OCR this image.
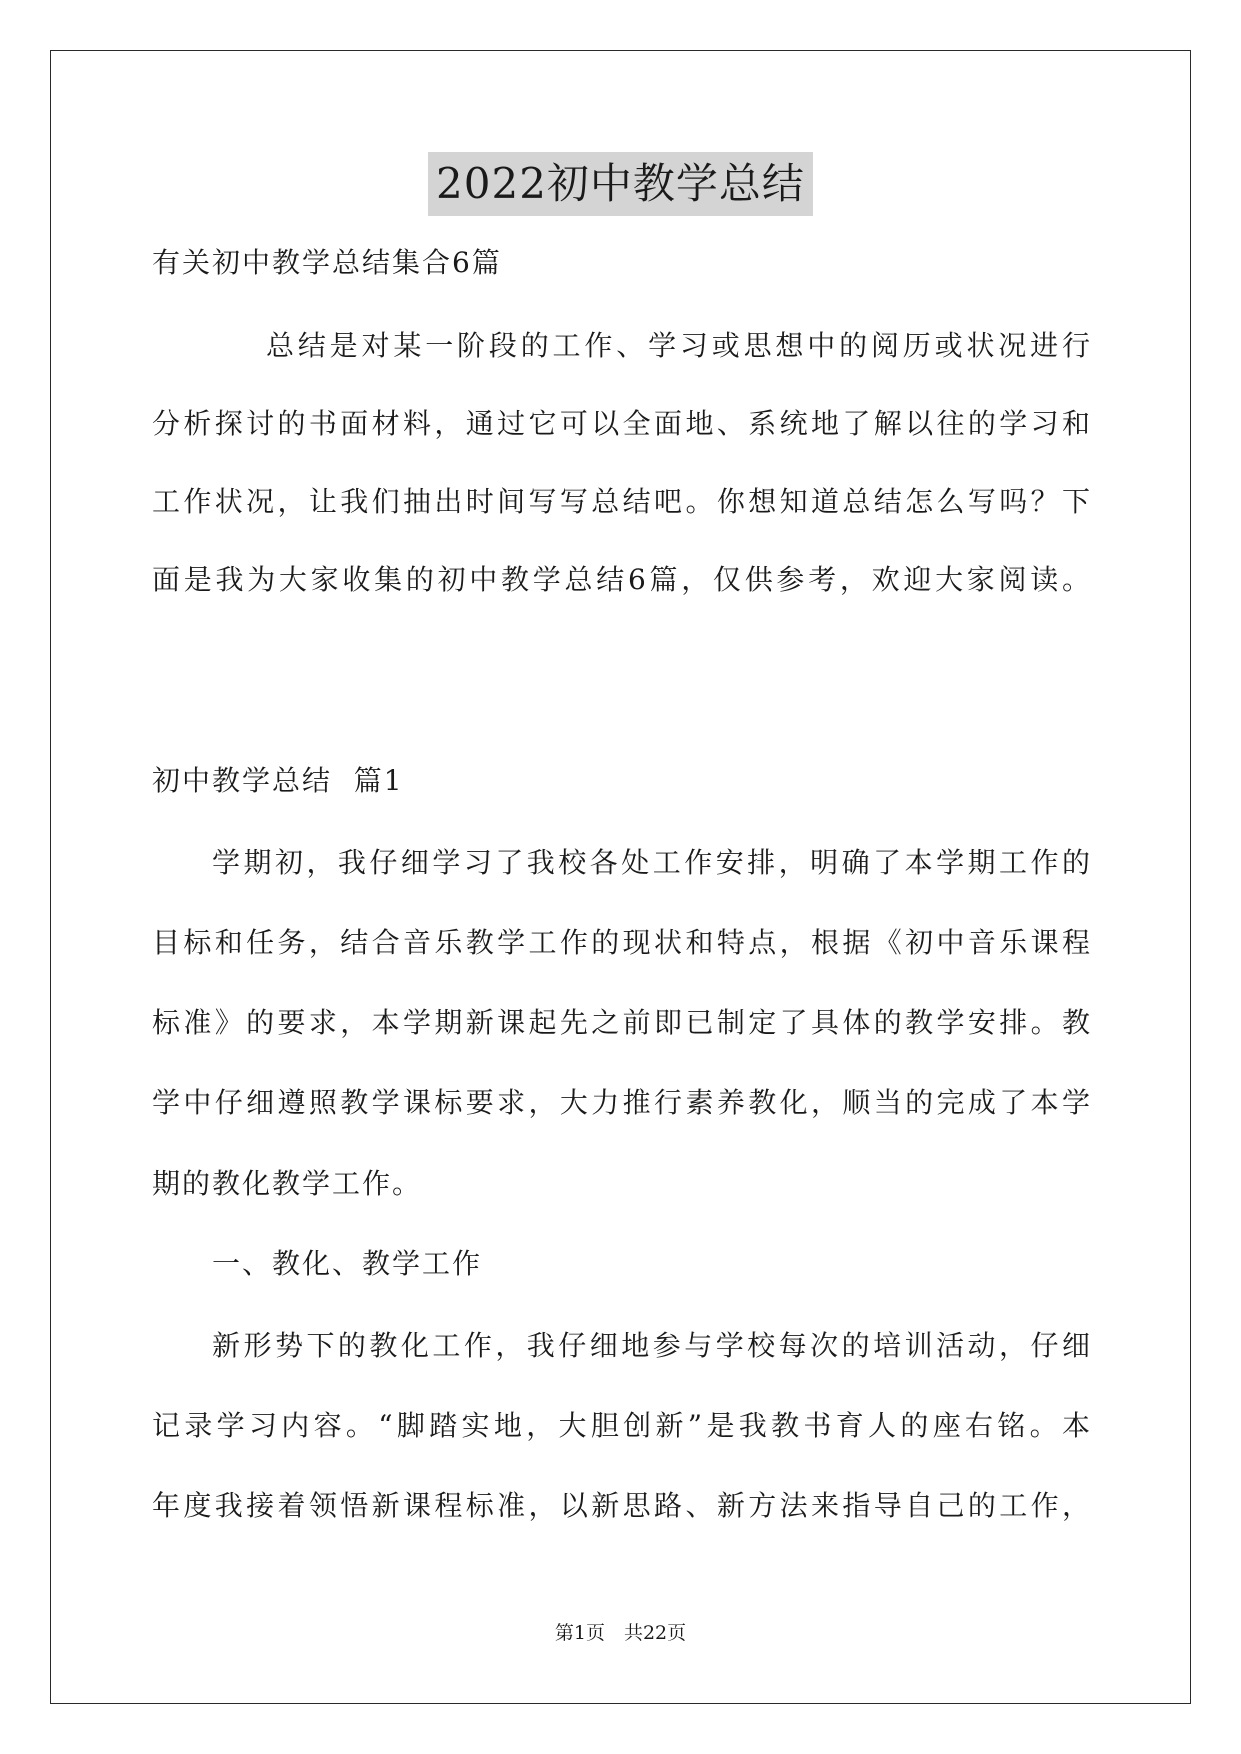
2022初中教学总结
有关初中教学总结集合6篇
总结是对某一阶段的工作、学习或思想中的阅历或状况进行
分析探讨的书面材料，通过它可以全面地、系统地了解以往的学习和
工作状况，让我们抽出时间写写总结吧。你想知道总结怎么写吗？下
面是我为大家收集的初中教学总结6篇，仅供参考，欢迎大家阅读。
初中教学总结  篇1
学期初，我仔细学习了我校各处工作安排，明确了本学期工作的
目标和任务，结合音乐教学工作的现状和特点，根据《初中音乐课程
标准》的要求，本学期新课起先之前即已制定了具体的教学安排。教
学中仔细遵照教学课标要求，大力推行素养教化，顺当的完成了本学
期的教化教学工作。
一、教化、教学工作
新形势下的教化工作，我仔细地参与学校每次的培训活动，仔细
记录学习内容。“脚踏实地，大胆创新”是我教书育人的座右铭。本
年度我接着领悟新课程标准，以新思路、新方法来指导自己的工作，
第1页　共22页
